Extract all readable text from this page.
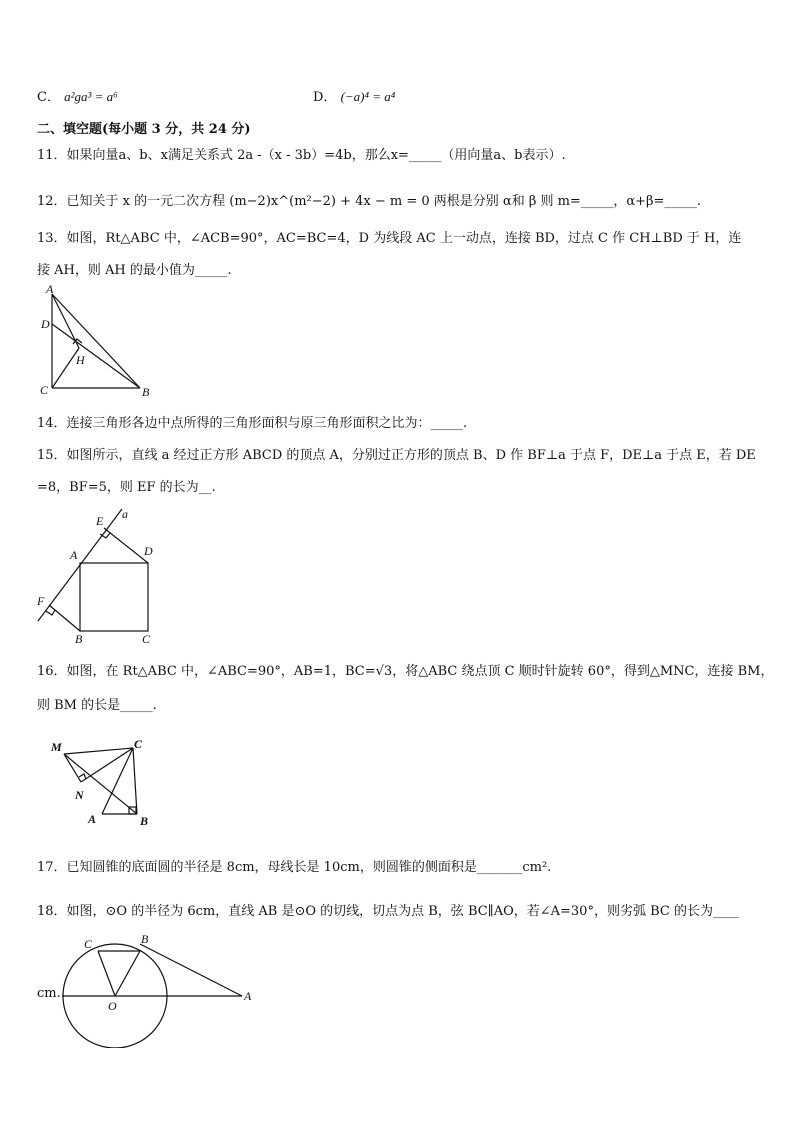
C． a²ga³ = a⁶	D． (−a)⁴ = a⁴
二、填空题(每小题 3 分，共 24 分)
11．如果向量a、b、x满足关系式 2a -（x - 3b）=4b，那么x=_____（用向量a、b表示）.
12．已知关于 x 的一元二次方程 (m−2)x^(m²−2) + 4x − m = 0 两根是分别 α和 β 则 m=_____，α+β=_____.
13．如图，Rt△ABC 中，∠ACB=90°，AC=BC=4，D 为线段 AC 上一动点，连接 BD，过点 C 作 CH⊥BD 于 H，连
接 AH，则 AH 的最小值为_____.
A
D
H
C	B
14．连接三角形各边中点所得的三角形面积与原三角形面积之比为：_____.
15．如图所示，直线 a 经过正方形 ABCD 的顶点 A，分别过正方形的顶点 B、D 作 BF⊥a 于点 F，DE⊥a 于点 E，若 DE
=8，BF=5，则 EF 的长为__.
E a
A	D
F
B	C
16．如图，在 Rt△ABC 中，∠ABC=90°，AB=1，BC=√3，将△ABC 绕点顶 C 顺时针旋转 60°，得到△MNC，连接 BM，
则 BM 的长是_____.
M	C
N
A	B
17．已知圆锥的底面圆的半径是 8cm，母线长是 10cm，则圆锥的侧面积是_______cm².
18．如图，⊙O 的半径为 6cm，直线 AB 是⊙O 的切线，切点为点 B，弦 BC∥AO，若∠A=30°，则劣弧 BC 的长为____
cm.
C	B
O
A
